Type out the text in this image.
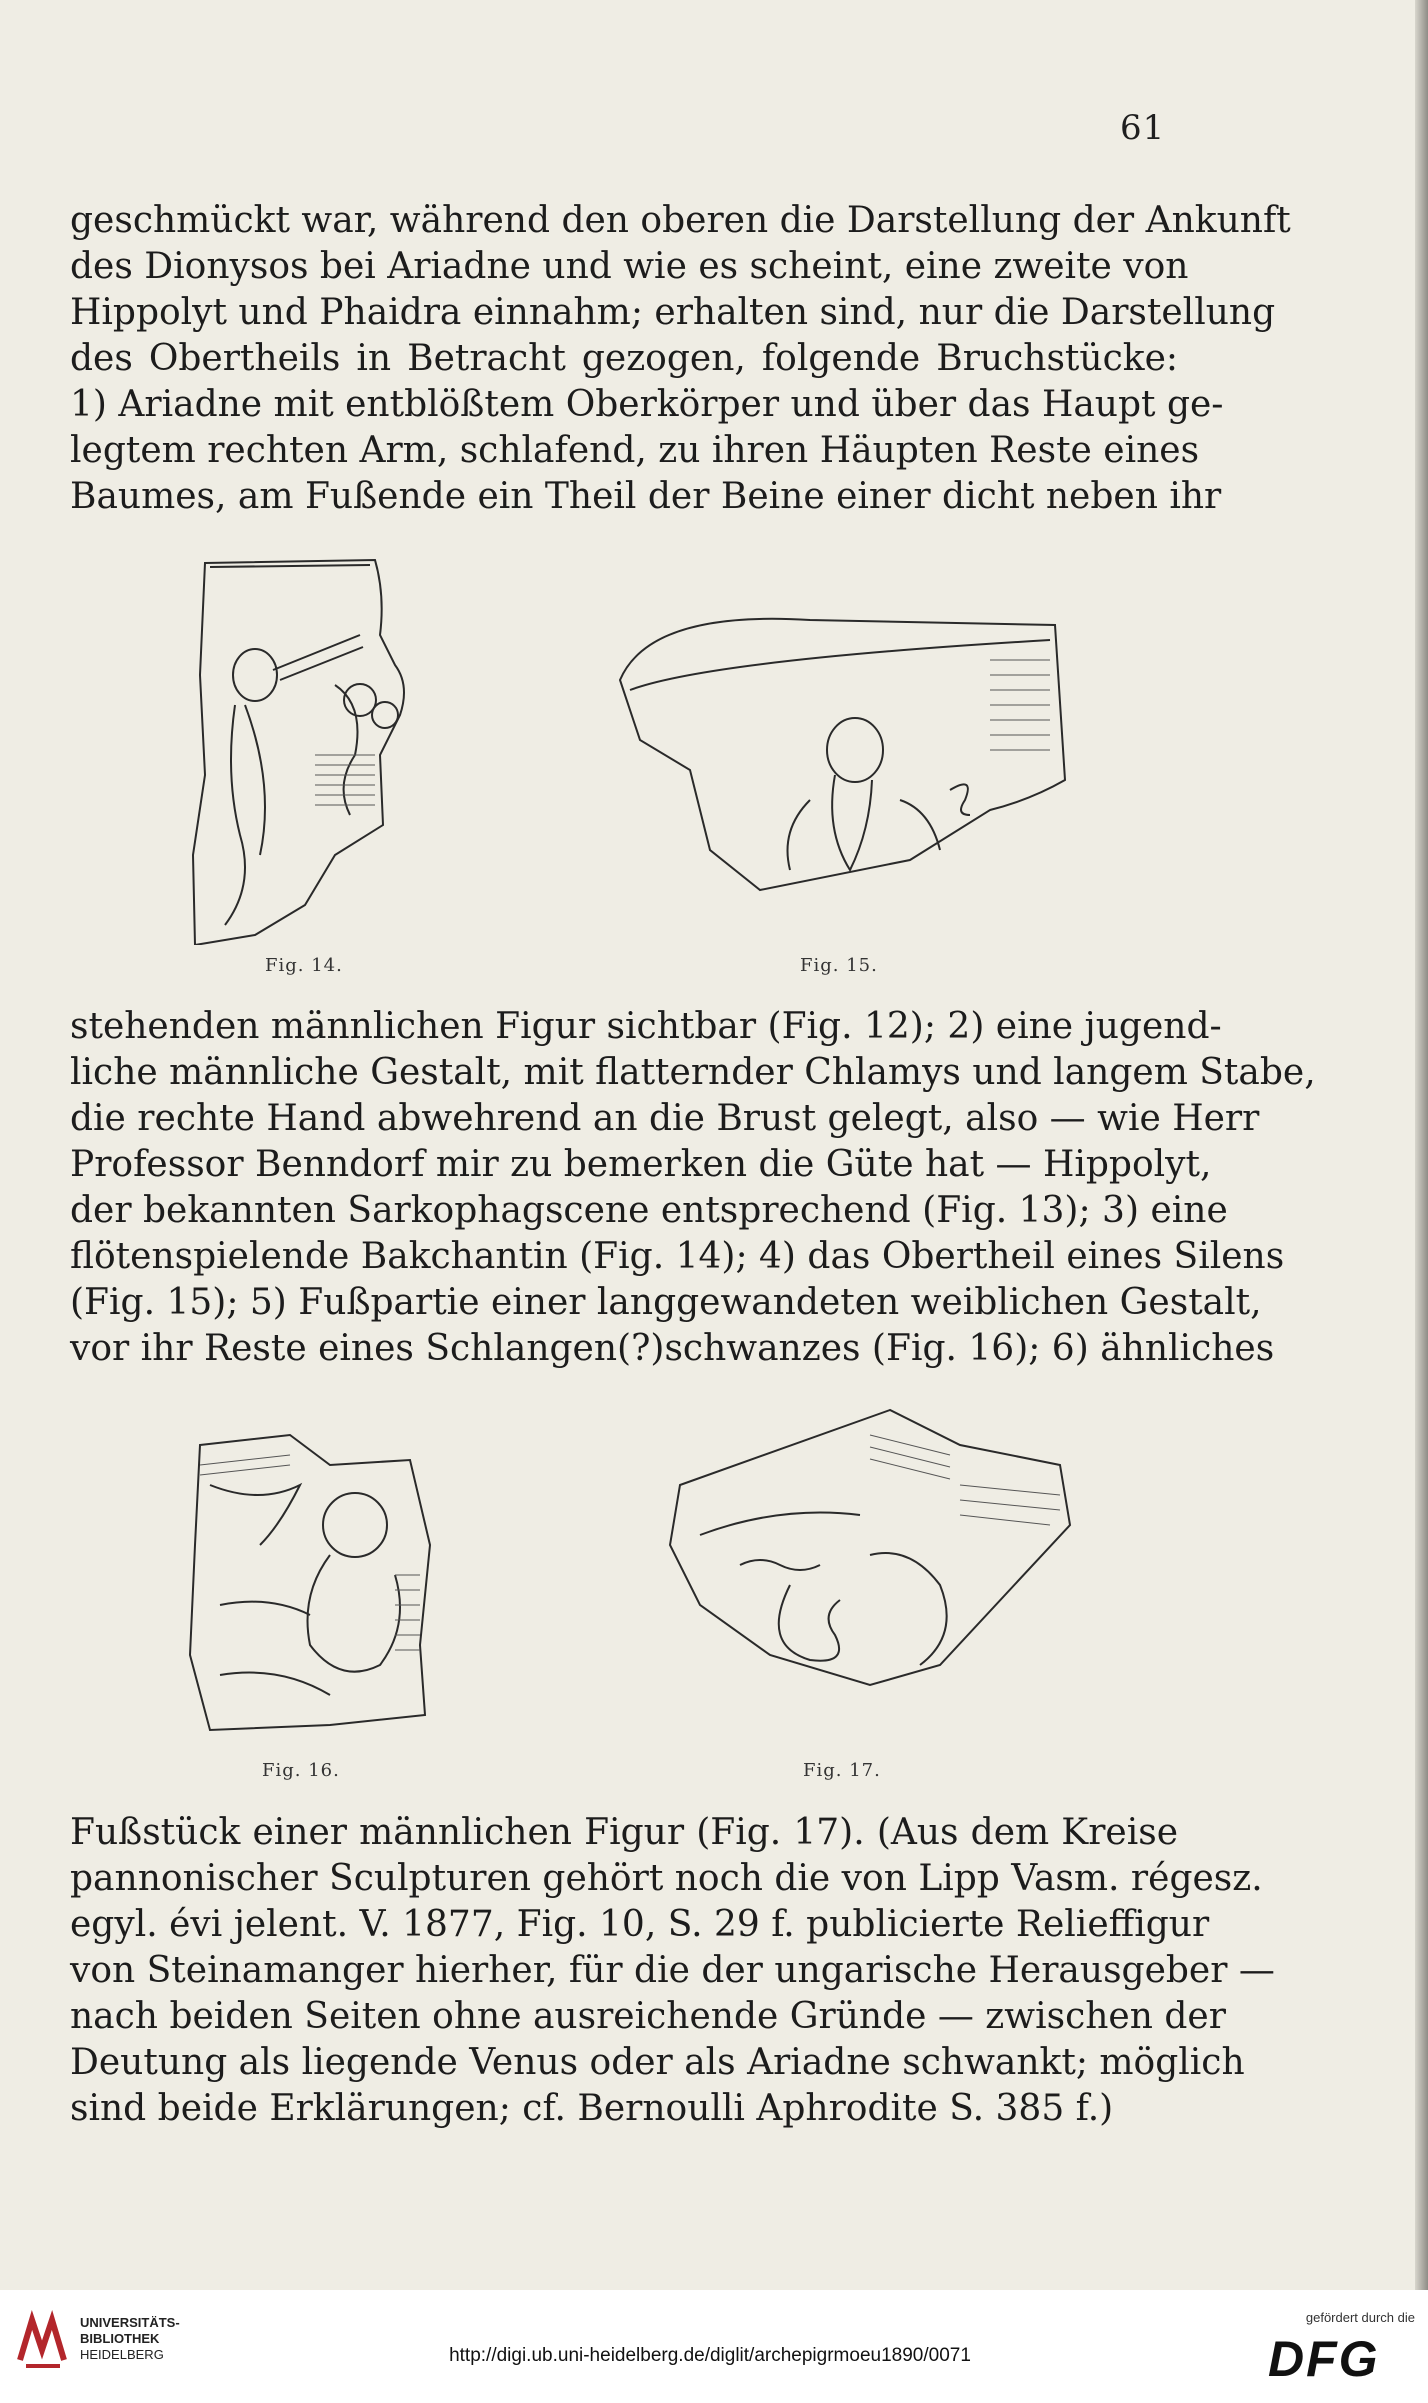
61
geschmückt war, während den oberen die Darstellung der Ankunft
des Dionysos bei Ariadne und wie es scheint, eine zweite von
Hippolyt und Phaidra einnahm; erhalten sind, nur die Darstellung
des Obertheils in Betracht gezogen, folgende Bruchstücke:
1) Ariadne mit entblößtem Oberkörper und über das Haupt ge-
legtem rechten Arm, schlafend, zu ihren Häupten Reste eines
Baumes, am Fußende ein Theil der Beine einer dicht neben ihr
Fig. 14.	Fig. 15.
stehenden männlichen Figur sichtbar (Fig. 12); 2) eine jugend-
liche männliche Gestalt, mit flatternder Chlamys und langem Stabe,
die rechte Hand abwehrend an die Brust gelegt, also — wie Herr
Professor Benndorf mir zu bemerken die Güte hat — Hippolyt,
der bekannten Sarkophagscene entsprechend (Fig. 13); 3) eine
flötenspielende Bakchantin (Fig. 14); 4) das Obertheil eines Silens
(Fig. 15); 5) Fußpartie einer langgewandeten weiblichen Gestalt,
vor ihr Reste eines Schlangen(?)schwanzes (Fig. 16); 6) ähnliches
Fig. 16.	Fig. 17.
Fußstück einer männlichen Figur (Fig. 17). (Aus dem Kreise
pannonischer Sculpturen gehört noch die von Lipp Vasm. régesz.
egyl. évi jelent. V. 1877, Fig. 10, S. 29 f. publicierte Relieffigur
von Steinamanger hierher, für die der ungarische Herausgeber —
nach beiden Seiten ohne ausreichende Gründe — zwischen der
Deutung als liegende Venus oder als Ariadne schwankt; möglich
sind beide Erklärungen; cf. Bernoulli Aphrodite S. 385 f.)
UNIVERSITÄTS-
BIBLIOTHEK
HEIDELBERG	http://digi.ub.uni-heidelberg.de/diglit/archepigrmoeu1890/0071
gefördert durch die
DFG
